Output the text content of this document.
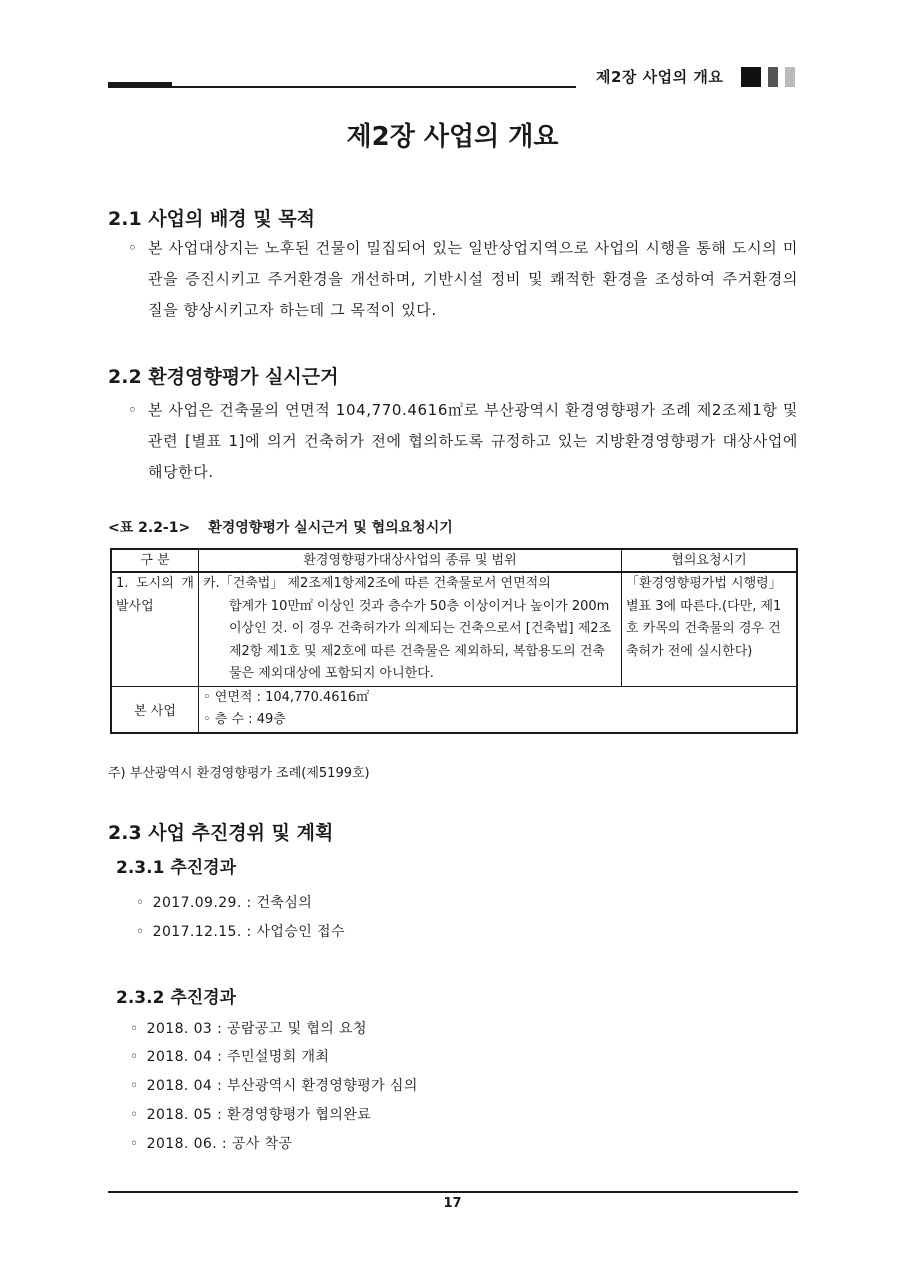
제2장 사업의 개요
제2장 사업의 개요
2.1 사업의 배경 및 목적
◦ 본 사업대상지는 노후된 건물이 밀집되어 있는 일반상업지역으로 사업의 시행을 통해 도시의 미관을 증진시키고 주거환경을 개선하며, 기반시설 정비 및 쾌적한 환경을 조성하여 주거환경의 질을 향상시키고자 하는데 그 목적이 있다.
2.2 환경영향평가 실시근거
◦ 본 사업은 건축물의 연면적 104,770.4616㎡로 부산광역시 환경영향평가 조례 제2조제1항 및 관련 [별표 1]에 의거 건축허가 전에 협의하도록 규정하고 있는 지방환경영향평가 대상사업에 해당한다.
<표 2.2-1> 환경영향평가 실시근거 및 협의요청시기
구 분	환경영향평가대상사업의 종류 및 범위	협의요청시기

1. 도시의 개발사업	카.「건축법」 제2조제1항제2조에 따른 건축물로서 연면적의
합계가 10만㎡ 이상인 것과 층수가 50층 이상이거나 높이가 200m 이상인 것. 이 경우 건축허가가 의제되는 건축으로서 [건축법] 제2조제2항 제1호 및 제2호에 따른 건축물은 제외하되, 복합용도의 건축물은 제외대상에 포함되지 아니한다.	「환경영향평가법 시행령」 별표 3에 따른다.(다만, 제1호 카목의 건축물의 경우 건축허가 전에 실시한다)

본 사업	◦ 연면적 : 104,770.4616㎡
◦ 층 수 : 49층	
주) 부산광역시 환경영향평가 조례(제5199호)
2.3 사업 추진경위 및 계획
2.3.1 추진경과
◦ 2017.09.29. : 건축심의
◦ 2017.12.15. : 사업승인 접수
2.3.2 추진경과
◦ 2018. 03 : 공람공고 및 협의 요청
◦ 2018. 04 : 주민설명회 개최
◦ 2018. 04 : 부산광역시 환경영향평가 심의
◦ 2018. 05 : 환경영향평가 협의완료
◦ 2018. 06. : 공사 착공
17
